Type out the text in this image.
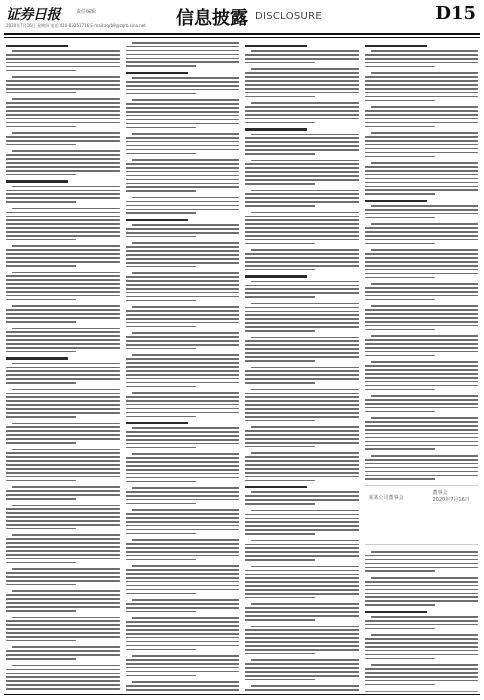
证券日报	责任编辑
2020年7月16日 星期四 电话:010-83251716 E-mail:zqrb9@zqrb.sina.net 信息披露 DISCLOSURE	D15
某某公司董事会
董事会
2020年7月16日
